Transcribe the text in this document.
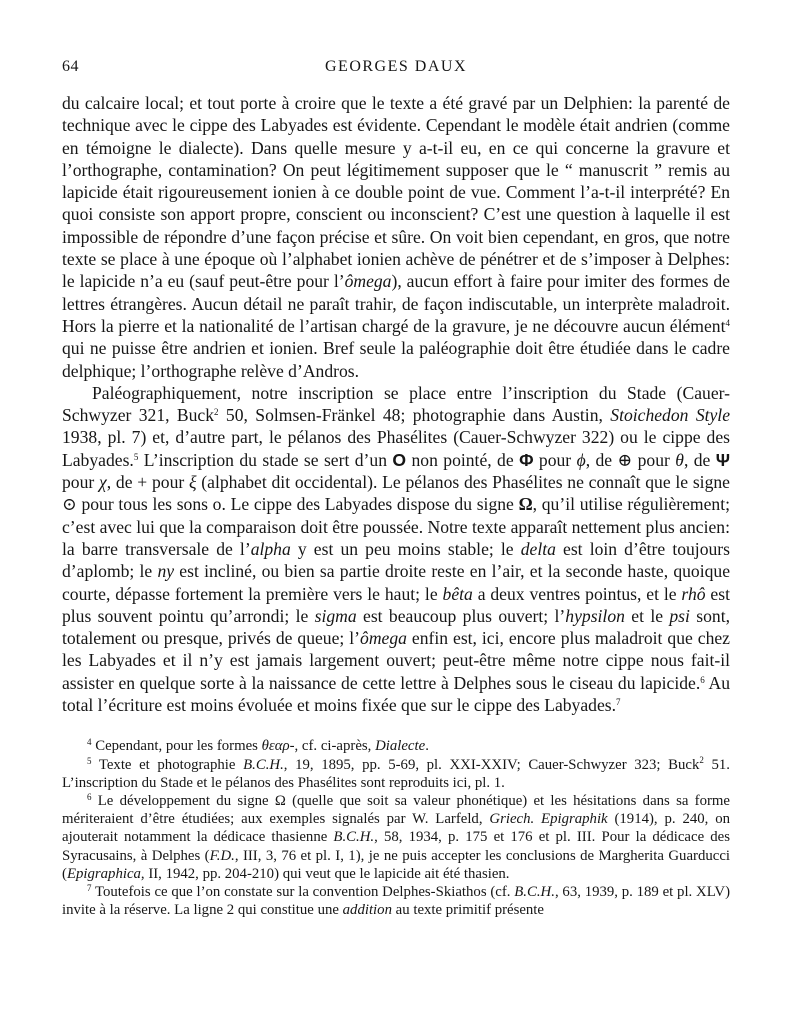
64	GEORGES DAUX

du calcaire local; et tout porte à croire que le texte a été gravé par un Delphien: la parenté de technique avec le cippe des Labyades est évidente. Cependant le modèle était andrien (comme en témoigne le dialecte). Dans quelle mesure y a-t-il eu, en ce qui concerne la gravure et l’orthographe, contamination? On peut légitimement supposer que le “ manuscrit ” remis au lapicide était rigoureusement ionien à ce double point de vue. Comment l’a-t-il interprété? En quoi consiste son apport propre, conscient ou inconscient? C’est une question à laquelle il est impossible de répondre d’une façon précise et sûre. On voit bien cependant, en gros, que notre texte se place à une époque où l’alphabet ionien achève de pénétrer et de s’imposer à Delphes: le lapicide n’a eu (sauf peut-être pour l’ômega), aucun effort à faire pour imiter des formes de lettres étrangères. Aucun détail ne paraît trahir, de façon indiscutable, un interprète maladroit. Hors la pierre et la nationalité de l’artisan chargé de la gravure, je ne découvre aucun élément$^4$ qui ne puisse être andrien et ionien. Bref seule la paléographie doit être étudiée dans le cadre delphique; l’orthographe relève d’Andros.

Paléographiquement, notre inscription se place entre l’inscription du Stade (Cauer-Schwyzer 321, Buck$^2$ 50, Solmsen-Fränkel 48; photographie dans Austin, Stoichedon Style 1938, pl. 7) et, d’autre part, le pélanos des Phasélites (Cauer-Schwyzer 322) ou le cippe des Labyades.$^5$ L’inscription du stade se sert d’un O non pointé, de Φ pour ϕ, de ⊕ pour θ, de Ψ pour χ, de + pour ξ (alphabet dit occidental). Le pélanos des Phasélites ne connaît que le signe ⊙ pour tous les sons o. Le cippe des Labyades dispose du signe Ω, qu’il utilise régulièrement; c’est avec lui que la comparaison doit être poussée. Notre texte apparaît nettement plus ancien: la barre transversale de l’alpha y est un peu moins stable; le delta est loin d’être toujours d’aplomb; le ny est incliné, ou bien sa partie droite reste en l’air, et la seconde haste, quoique courte, dépasse fortement la première vers le haut; le bêta a deux ventres pointus, et le rhô est plus souvent pointu qu’arrondi; le sigma est beaucoup plus ouvert; l’hypsilon et le psi sont, totalement ou presque, privés de queue; l’ômega enfin est, ici, encore plus maladroit que chez les Labyades et il n’y est jamais largement ouvert; peut-être même notre cippe nous fait-il assister en quelque sorte à la naissance de cette lettre à Delphes sous le ciseau du lapicide.$^6$ Au total l’écriture est moins évoluée et moins fixée que sur le cippe des Labyades.$^7$

$^4$ Cependant, pour les formes θεαρ-, cf. ci-après, Dialecte.

$^5$ Texte et photographie B.C.H., 19, 1895, pp. 5-69, pl. XXI-XXIV; Cauer-Schwyzer 323; Buck$^2$ 51. L’inscription du Stade et le pélanos des Phasélites sont reproduits ici, pl. 1.

$^6$ Le développement du signe Ω (quelle que soit sa valeur phonétique) et les hésitations dans sa forme mériteraient d’être étudiées; aux exemples signalés par W. Larfeld, Griech. Epigraphik (1914), p. 240, on ajouterait notamment la dédicace thasienne B.C.H., 58, 1934, p. 175 et 176 et pl. III. Pour la dédicace des Syracusains, à Delphes (F.D., III, 3, 76 et pl. I, 1), je ne puis accepter les conclusions de Margherita Guarducci (Epigraphica, II, 1942, pp. 204-210) qui veut que le lapicide ait été thasien.

$^7$ Toutefois ce que l’on constate sur la convention Delphes-Skiathos (cf. B.C.H., 63, 1939, p. 189 et pl. XLV) invite à la réserve. La ligne 2 qui constitue une addition au texte primitif présente
